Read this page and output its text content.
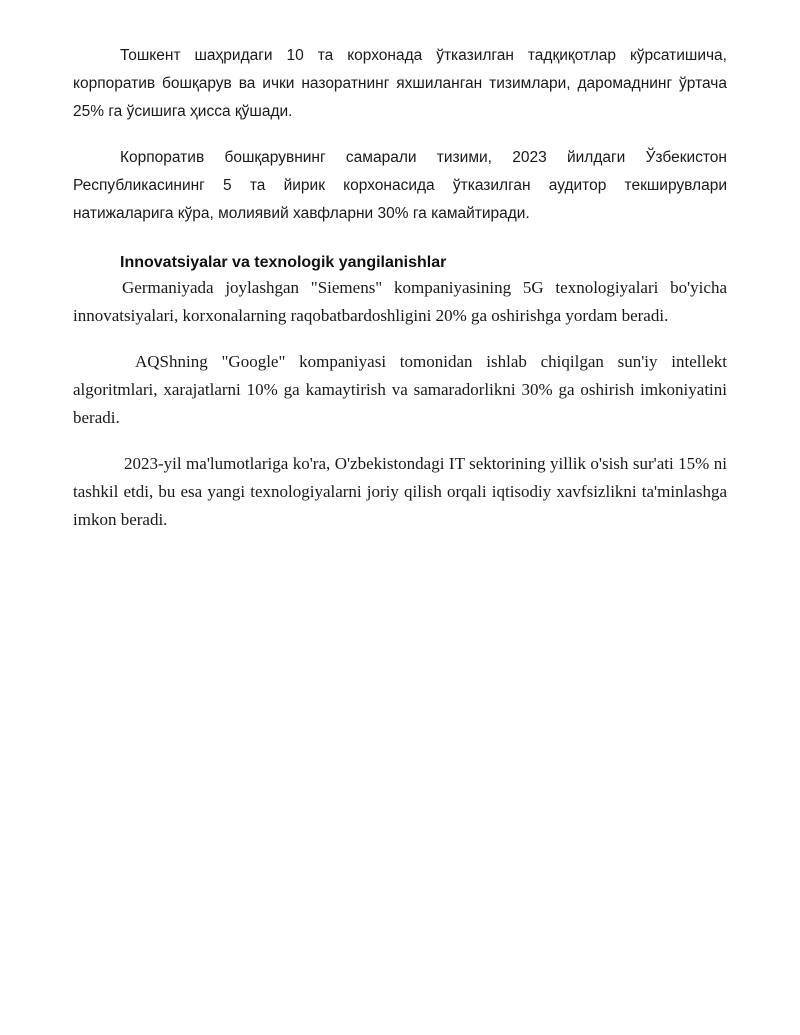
Тошкент шаҳридаги 10 та корхонада ўтказилган тадқиқотлар кўрсатишича, корпоратив бошқарув ва ички назоратнинг яхшиланган тизимлари, даромаднинг ўртача 25% га ўсишига ҳисса қўшади.

Корпоратив бошқарувнинг самарали тизими, 2023 йилдаги Ўзбекистон Республикасининг 5 та йирик корхонасида ўтказилган аудитор текширувлари натижаларига кўра, молиявий хавфларни 30% га камайтиради.

Innovatsiyalar va texnologik yangilanishlar

Germaniyada joylashgan "Siemens" kompaniyasining 5G texnologiyalari bo'yicha innovatsiyalari, korxonalarning raqobatbardoshligini 20% ga oshirishga yordam beradi.

AQShning "Google" kompaniyasi tomonidan ishlab chiqilgan sun'iy intellekt algoritmlari, xarajatlarni 10% ga kamaytirish va samaradorlikni 30% ga oshirish imkoniyatini beradi.

2023-yil ma'lumotlariga ko'ra, O'zbekistondagi IT sektorining yillik o'sish sur'ati 15% ni tashkil etdi, bu esa yangi texnologiyalarni joriy qilish orqali iqtisodiy xavfsizlikni ta'minlashga imkon beradi.
